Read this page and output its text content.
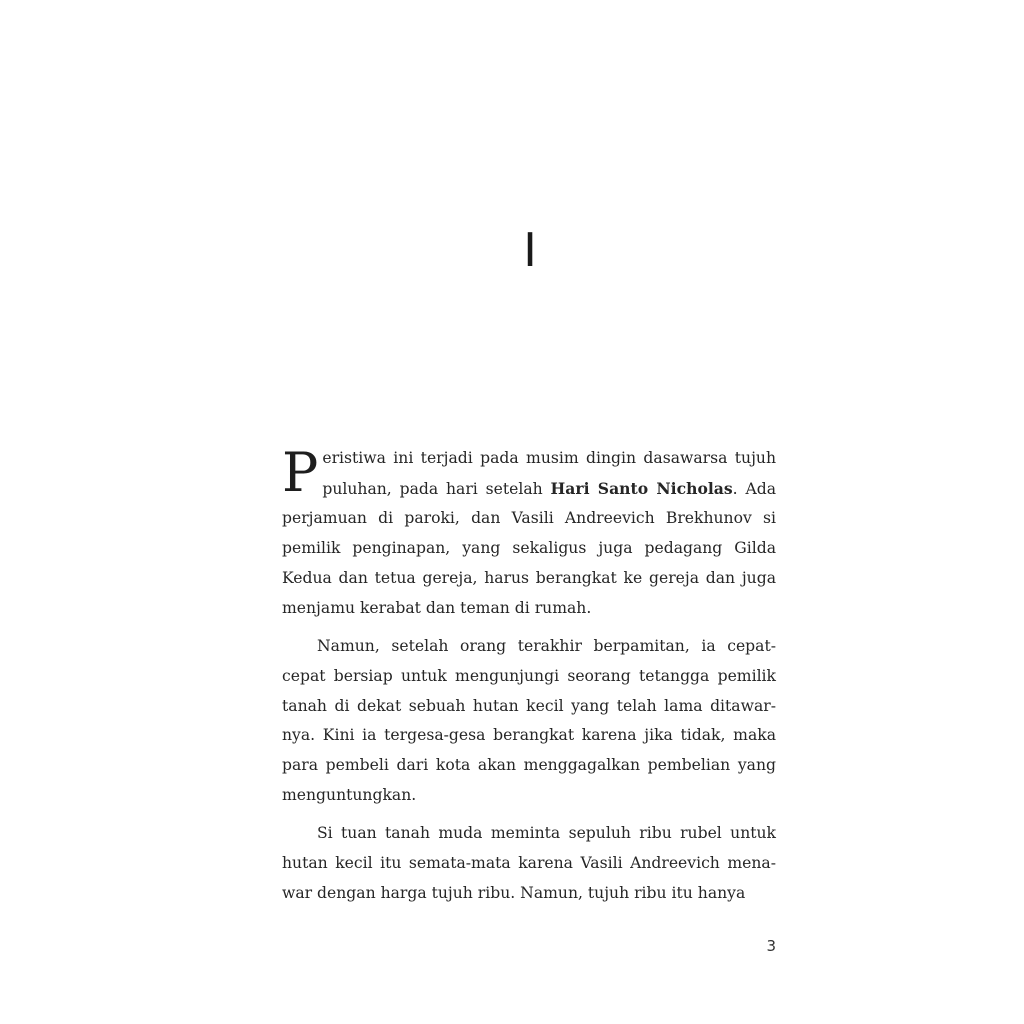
I

Peristiwa ini terjadi pada musim dingin dasawarsa tujuh puluhan, pada hari setelah Hari Santo Nicholas. Ada perjamuan di paroki, dan Vasili Andreevich Brekhunov si pemilik penginapan, yang sekaligus juga pedagang Gilda Kedua dan tetua gereja, harus berangkat ke gereja dan juga menjamu kerabat dan teman di rumah.

Namun, setelah orang terakhir berpamitan, ia cepat-cepat bersiap untuk mengunjungi seorang tetangga pemilik tanah di dekat sebuah hutan kecil yang telah lama ditawarnya. Kini ia tergesa-gesa berangkat karena jika tidak, maka para pembeli dari kota akan menggagalkan pembelian yang menguntungkan.

Si tuan tanah muda meminta sepuluh ribu rubel untuk hutan kecil itu semata-mata karena Vasili Andreevich menawar dengan harga tujuh ribu. Namun, tujuh ribu itu hanya

3
